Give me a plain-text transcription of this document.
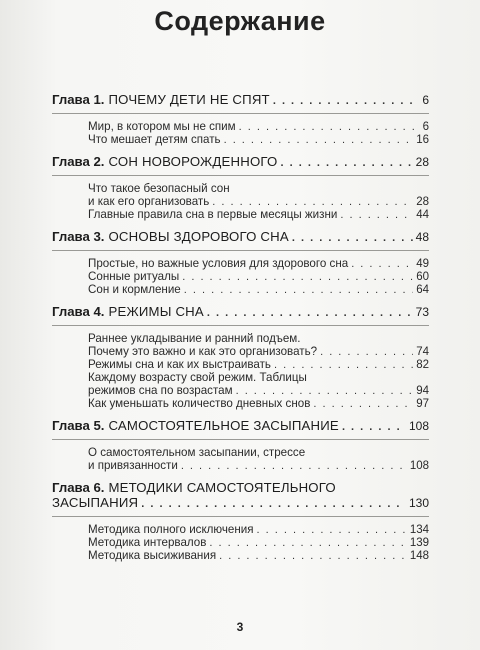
Содержание
Глава 1. ПОЧЕМУ ДЕТИ НЕ СПЯТ . . .	6
Мир, в котором мы не спим . . .	6
Что мешает детям спать . . .	16
Глава 2. СОН НОВОРОЖДЕННОГО . . .	28
Что такое безопасный сон
и как его организовать . . .	28
Главные правила сна в первые месяцы жизни . . .	44
Глава 3. ОСНОВЫ ЗДОРОВОГО СНА . . .	48
Простые, но важные условия для здорового сна . . .	49
Сонные ритуалы . . .	60
Сон и кормление . . .	64
Глава 4. РЕЖИМЫ СНА . . .	73
Раннее укладывание и ранний подъем.
Почему это важно и как это организовать? . . .	74
Режимы сна и как их выстраивать . . .	82
Каждому возрасту свой режим. Таблицы
режимов сна по возрастам . . .	94
Как уменьшать количество дневных снов . . .	97
Глава 5. САМОСТОЯТЕЛЬНОЕ ЗАСЫПАНИЕ . . .	108
О самостоятельном засыпании, стрессе
и привязанности . . .	108
Глава 6. МЕТОДИКИ САМОСТОЯТЕЛЬНОГО
ЗАСЫПАНИЯ . . .	130
Методика полного исключения . . .	134
Методика интервалов . . .	139
Методика высиживания . . .	148
3
